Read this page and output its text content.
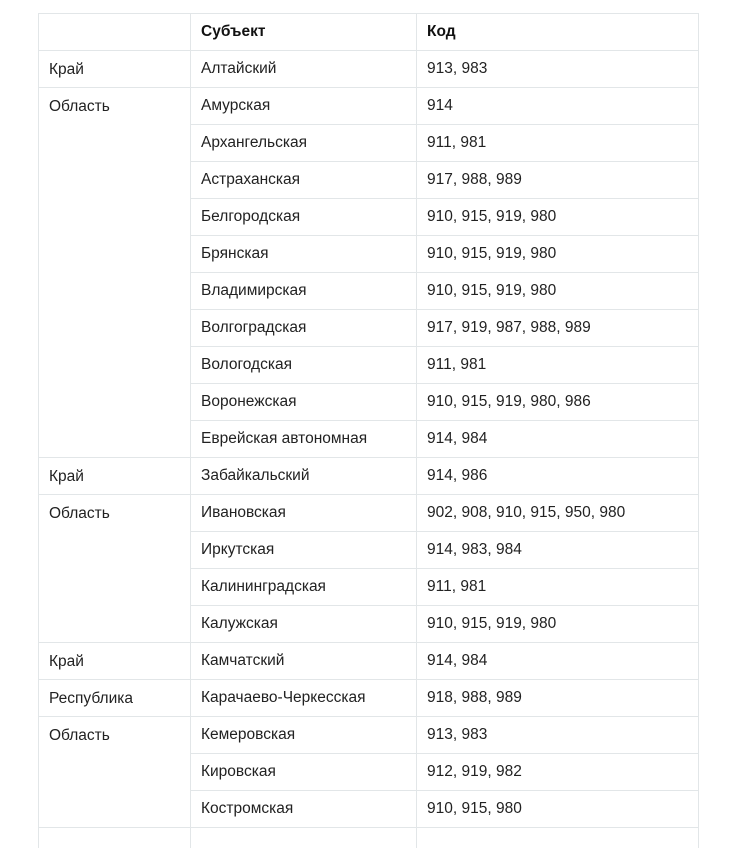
	Субъект	Код
Край	Алтайский	913, 983
Область	Амурская	914
	Архангельская	911, 981
	Астраханская	917, 988, 989
	Белгородская	910, 915, 919, 980
	Брянская	910, 915, 919, 980
	Владимирская	910, 915, 919, 980
	Волгоградская	917, 919, 987, 988, 989
	Вологодская	911, 981
	Воронежская	910, 915, 919, 980, 986
	Еврейская автономная	914, 984
Край	Забайкальский	914, 986
Область	Ивановская	902, 908, 910, 915, 950, 980
	Иркутская	914, 983, 984
	Калининградская	911, 981
	Калужская	910, 915, 919, 980
Край	Камчатский	914, 984
Республика	Карачаево-Черкесская	918, 988, 989
Область	Кемеровская	913, 983
	Кировская	912, 919, 982
	Костромская	910, 915, 980
